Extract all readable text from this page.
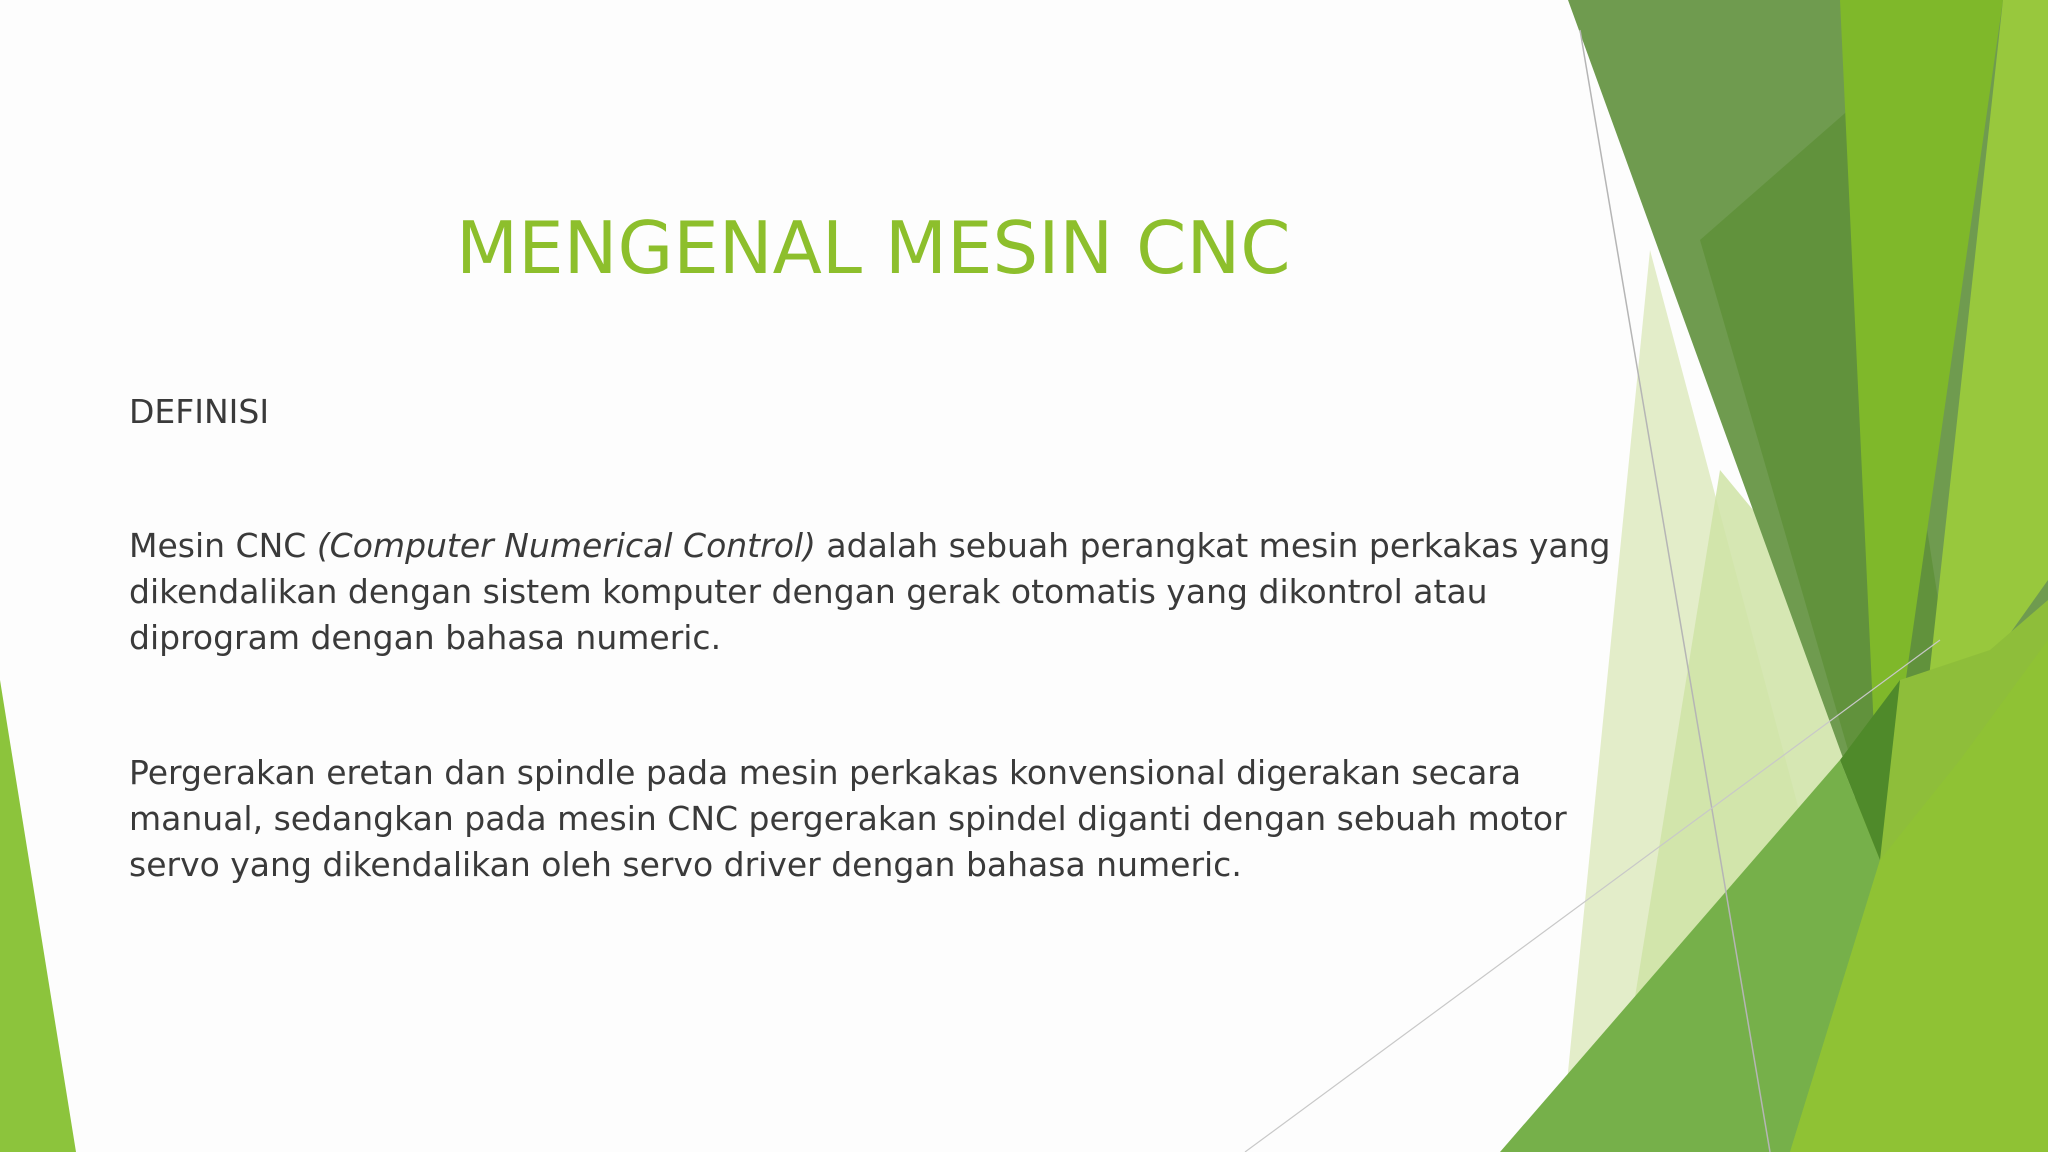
MENGENAL MESIN CNC
DEFINISI

Mesin CNC (Computer Numerical Control) adalah sebuah perangkat mesin perkakas yang dikendalikan dengan sistem komputer dengan gerak otomatis yang dikontrol atau diprogram dengan bahasa numeric.

Pergerakan eretan dan spindle pada mesin perkakas konvensional digerakan secara manual, sedangkan pada mesin CNC pergerakan spindel diganti dengan sebuah motor servo yang dikendalikan oleh servo driver dengan bahasa numeric.
